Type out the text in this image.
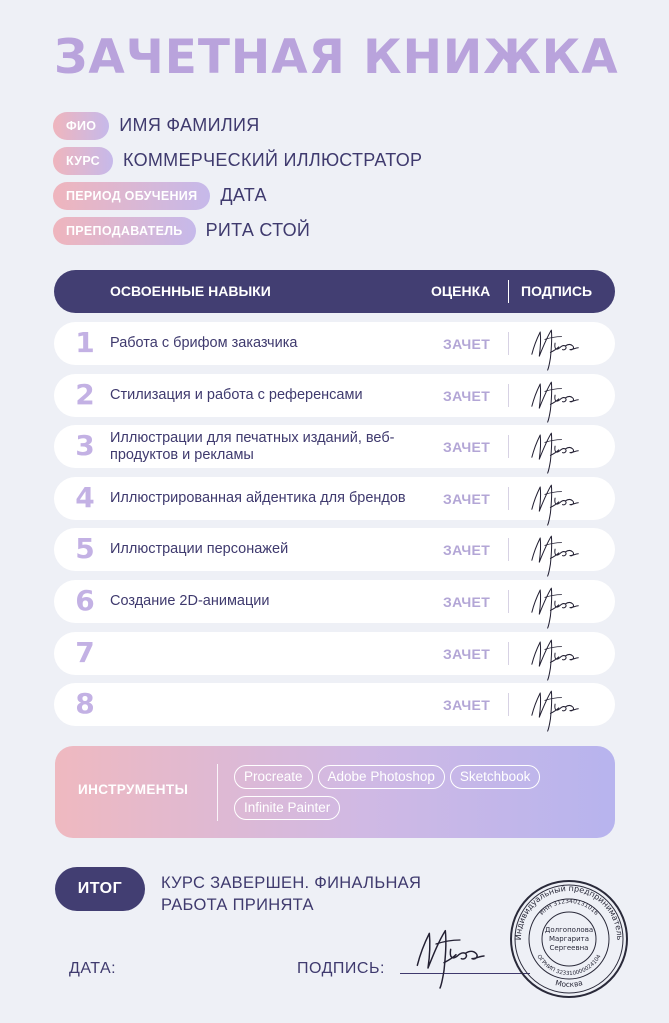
ЗАЧЕТНАЯ КНИЖКА
ФИО	ИМЯ ФАМИЛИЯ
КУРС	КОММЕРЧЕСКИЙ ИЛЛЮСТРАТОР
ПЕРИОД ОБУЧЕНИЯ	ДАТА
ПРЕПОДАВАТЕЛЬ	РИТА СТОЙ
ОСВОЕННЫЕ НАВЫКИ	ОЦЕНКА ПОДПИСЬ
1 Работа с брифом заказчика	ЗАЧЕТ
2 Стилизация и работа с референсами	ЗАЧЕТ
3 Иллюстрации для печатных изданий, веб-продуктов и рекламы	ЗАЧЕТ
4 Иллюстрированная айдентика для брендов	ЗАЧЕТ
5 Иллюстрации персонажей	ЗАЧЕТ
6 Создание 2D-анимации	ЗАЧЕТ
7	ЗАЧЕТ
8	ЗАЧЕТ
ИНСТРУМЕНТЫ
Procreate	Adobe Photoshop	Sketchbook
Infinite Painter
ИТОГ	КУРС ЗАВЕРШЕН. ФИНАЛЬНАЯ РАБОТА ПРИНЯТА
ДАТА:	ПОДПИСЬ:
Индивидуальный предприниматель
Москва
ИНН 312340131016
ОГРНИП 323310000024104
Долгополова
Маргарита
Сергеевна
